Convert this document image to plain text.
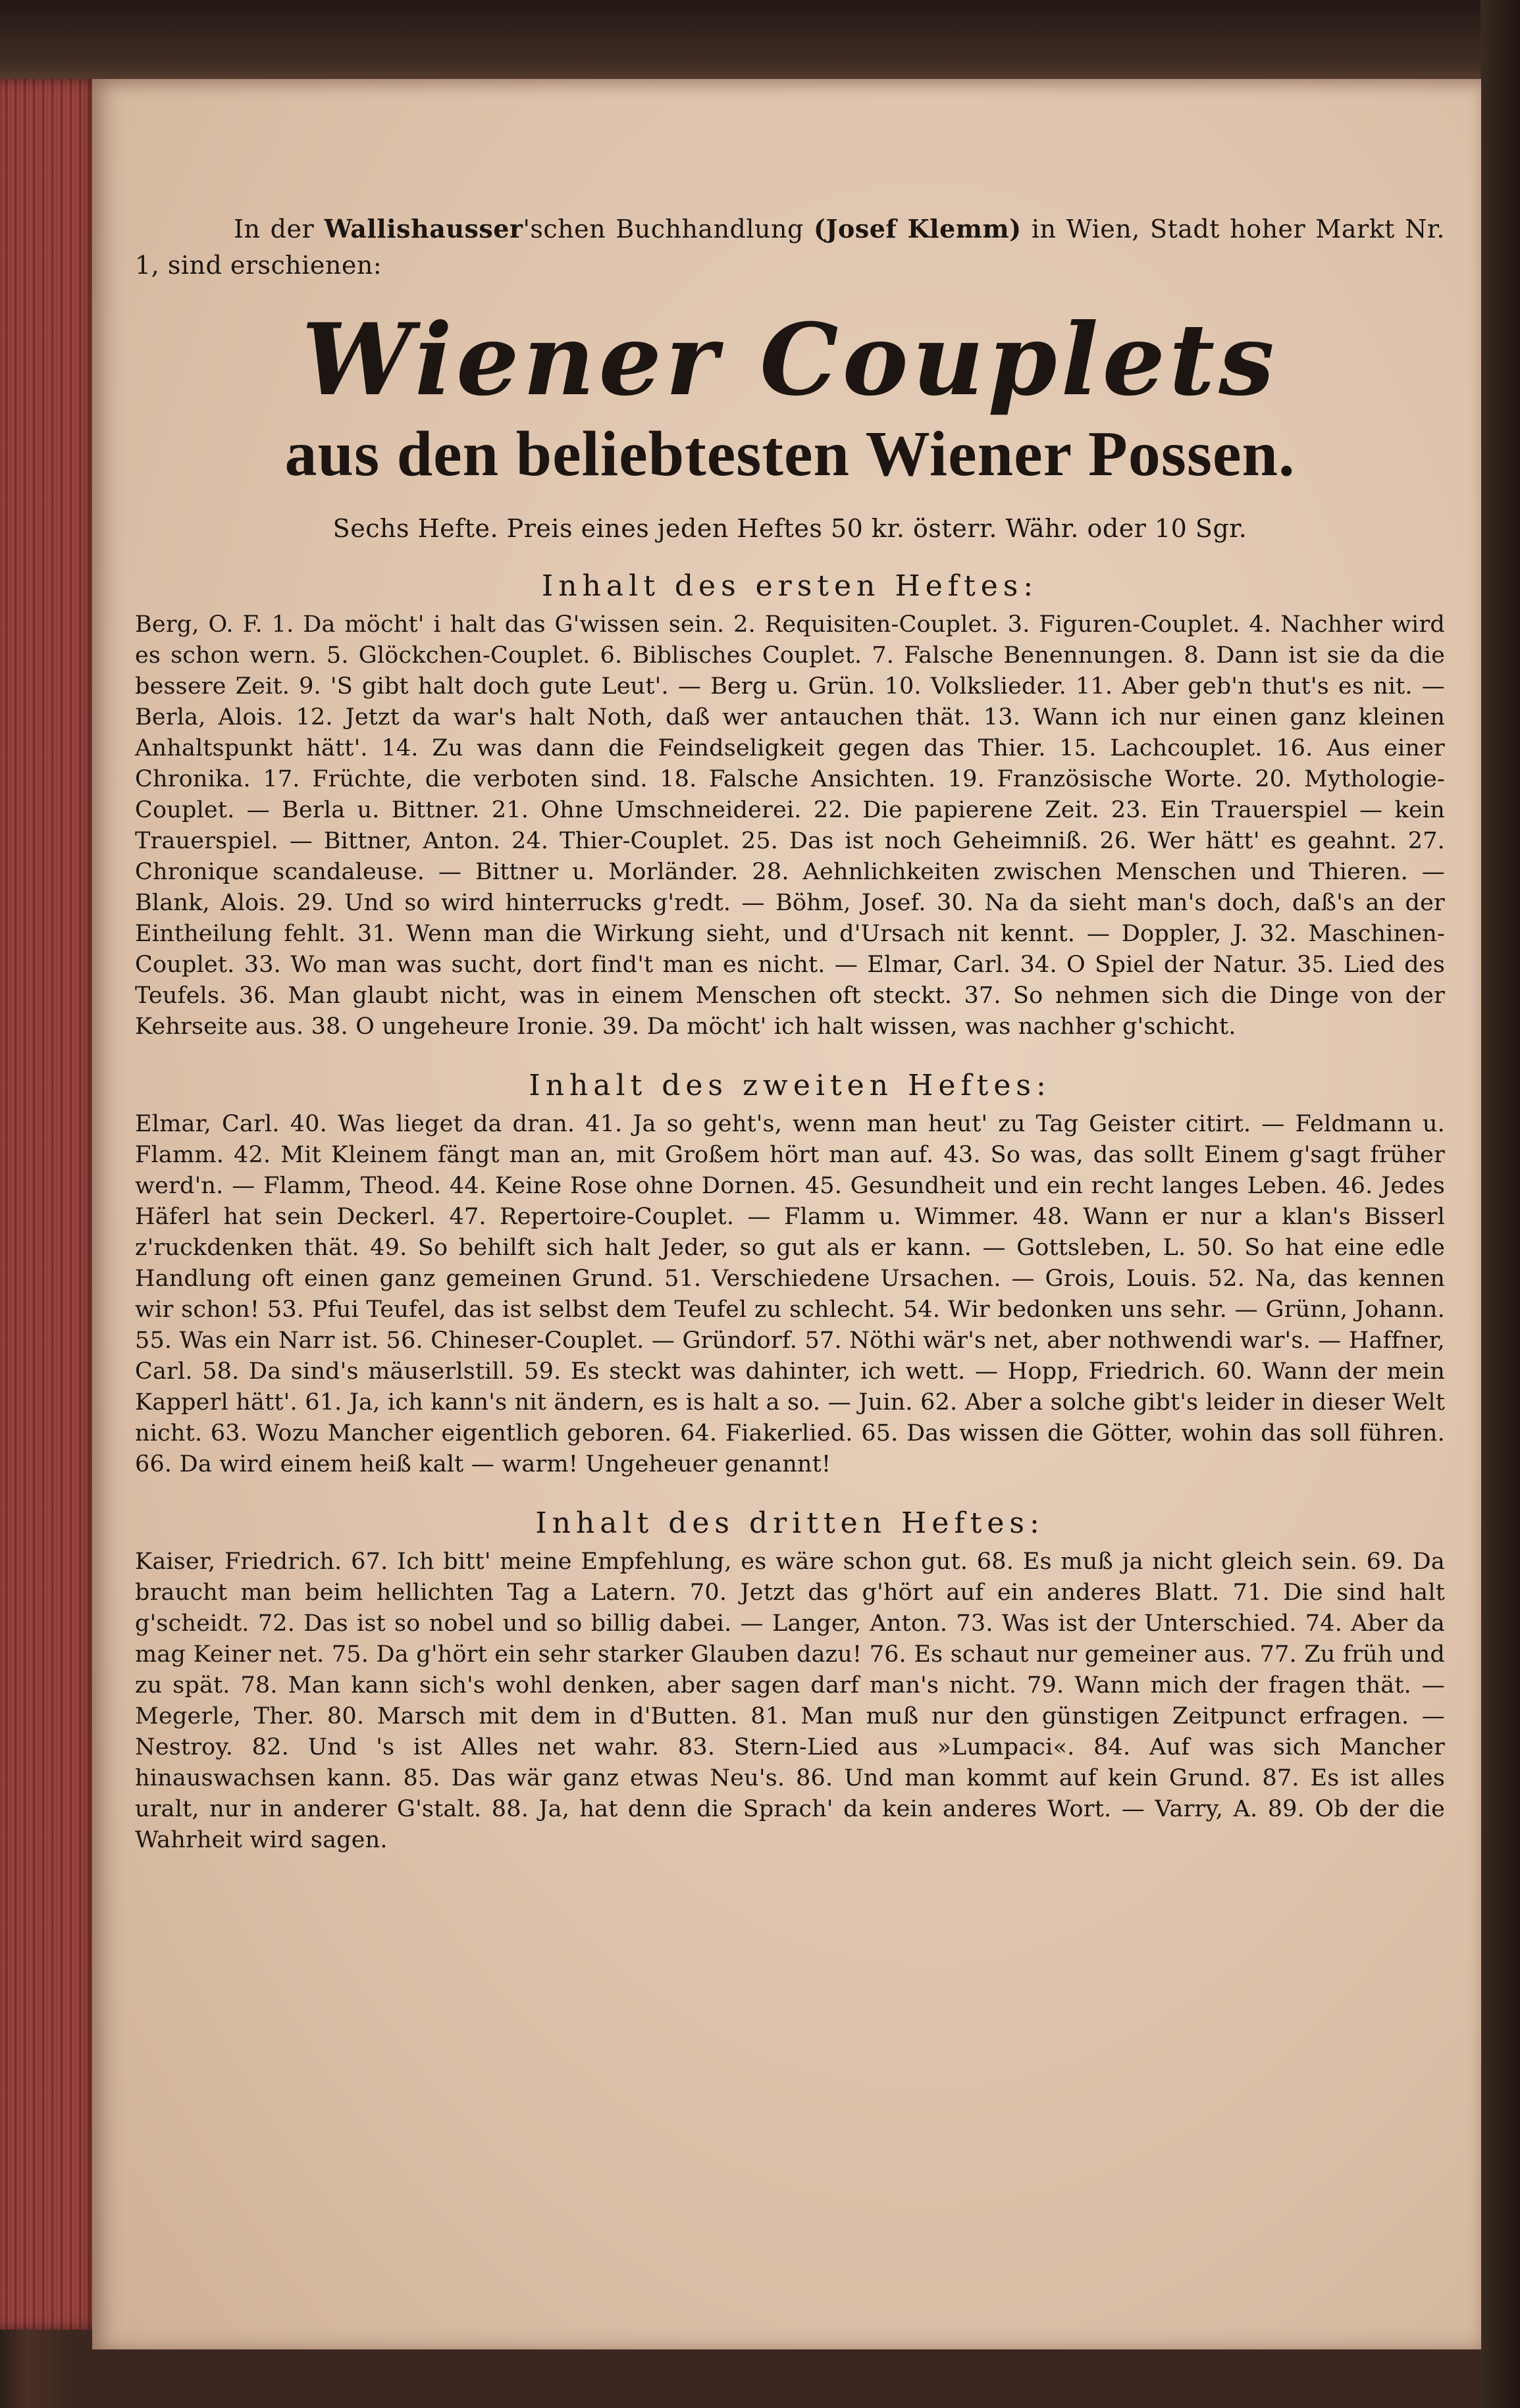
In der Wallishausser'schen Buchhandlung (Josef Klemm) in Wien, Stadt hoher Markt Nr. 1, sind erschienen:

Wiener Couplets
aus den beliebtesten Wiener Possen.
Sechs Hefte. Preis eines jeden Heftes 50 kr. österr. Währ. oder 10 Sgr.
Inhalt des ersten Heftes:

Berg, O. F. 1. Da möcht' i halt das G'wissen sein. 2. Requisiten-Couplet. 3. Figuren-Couplet. 4. Nachher wird es schon wern. 5. Glöckchen-Couplet. 6. Biblisches Couplet. 7. Falsche Benennungen. 8. Dann ist sie da die bessere Zeit. 9. 'S gibt halt doch gute Leut'. — Berg u. Grün. 10. Volkslieder. 11. Aber geb'n thut's es nit. — Berla, Alois. 12. Jetzt da war's halt Noth, daß wer antauchen thät. 13. Wann ich nur einen ganz kleinen Anhaltspunkt hätt'. 14. Zu was dann die Feindseligkeit gegen das Thier. 15. Lachcouplet. 16. Aus einer Chronika. 17. Früchte, die verboten sind. 18. Falsche Ansichten. 19. Französische Worte. 20. Mythologie-Couplet. — Berla u. Bittner. 21. Ohne Umschneiderei. 22. Die papierene Zeit. 23. Ein Trauerspiel — kein Trauerspiel. — Bittner, Anton. 24. Thier-Couplet. 25. Das ist noch Geheimniß. 26. Wer hätt' es geahnt. 27. Chronique scandaleuse. — Bittner u. Morländer. 28. Aehnlichkeiten zwischen Menschen und Thieren. — Blank, Alois. 29. Und so wird hinterrucks g'redt. — Böhm, Josef. 30. Na da sieht man's doch, daß's an der Eintheilung fehlt. 31. Wenn man die Wirkung sieht, und d'Ursach nit kennt. — Doppler, J. 32. Maschinen-Couplet. 33. Wo man was sucht, dort find't man es nicht. — Elmar, Carl. 34. O Spiel der Natur. 35. Lied des Teufels. 36. Man glaubt nicht, was in einem Menschen oft steckt. 37. So nehmen sich die Dinge von der Kehrseite aus. 38. O ungeheure Ironie. 39. Da möcht' ich halt wissen, was nachher g'schicht.

Inhalt des zweiten Heftes:

Elmar, Carl. 40. Was lieget da dran. 41. Ja so geht's, wenn man heut' zu Tag Geister citirt. — Feldmann u. Flamm. 42. Mit Kleinem fängt man an, mit Großem hört man auf. 43. So was, das sollt Einem g'sagt früher werd'n. — Flamm, Theod. 44. Keine Rose ohne Dornen. 45. Gesundheit und ein recht langes Leben. 46. Jedes Häferl hat sein Deckerl. 47. Repertoire-Couplet. — Flamm u. Wimmer. 48. Wann er nur a klan's Bisserl z'ruckdenken thät. 49. So behilft sich halt Jeder, so gut als er kann. — Gottsleben, L. 50. So hat eine edle Handlung oft einen ganz gemeinen Grund. 51. Verschiedene Ursachen. — Grois, Louis. 52. Na, das kennen wir schon! 53. Pfui Teufel, das ist selbst dem Teufel zu schlecht. 54. Wir bedonken uns sehr. — Grünn, Johann. 55. Was ein Narr ist. 56. Chineser-Couplet. — Gründorf. 57. Nöthi wär's net, aber nothwendi war's. — Haffner, Carl. 58. Da sind's mäuserlstill. 59. Es steckt was dahinter, ich wett. — Hopp, Friedrich. 60. Wann der mein Kapperl hätt'. 61. Ja, ich kann's nit ändern, es is halt a so. — Juin. 62. Aber a solche gibt's leider in dieser Welt nicht. 63. Wozu Mancher eigentlich geboren. 64. Fiakerlied. 65. Das wissen die Götter, wohin das soll führen. 66. Da wird einem heiß kalt — warm! Ungeheuer genannt!

Inhalt des dritten Heftes:

Kaiser, Friedrich. 67. Ich bitt' meine Empfehlung, es wäre schon gut. 68. Es muß ja nicht gleich sein. 69. Da braucht man beim hellichten Tag a Latern. 70. Jetzt das g'hört auf ein anderes Blatt. 71. Die sind halt g'scheidt. 72. Das ist so nobel und so billig dabei. — Langer, Anton. 73. Was ist der Unterschied. 74. Aber da mag Keiner net. 75. Da g'hört ein sehr starker Glauben dazu! 76. Es schaut nur gemeiner aus. 77. Zu früh und zu spät. 78. Man kann sich's wohl denken, aber sagen darf man's nicht. 79. Wann mich der fragen thät. — Megerle, Ther. 80. Marsch mit dem in d'Butten. 81. Man muß nur den günstigen Zeitpunct erfragen. — Nestroy. 82. Und 's ist Alles net wahr. 83. Stern-Lied aus »Lumpaci«. 84. Auf was sich Mancher hinauswachsen kann. 85. Das wär ganz etwas Neu's. 86. Und man kommt auf kein Grund. 87. Es ist alles uralt, nur in anderer G'stalt. 88. Ja, hat denn die Sprach' da kein anderes Wort. — Varry, A. 89. Ob der die Wahrheit wird sagen.
